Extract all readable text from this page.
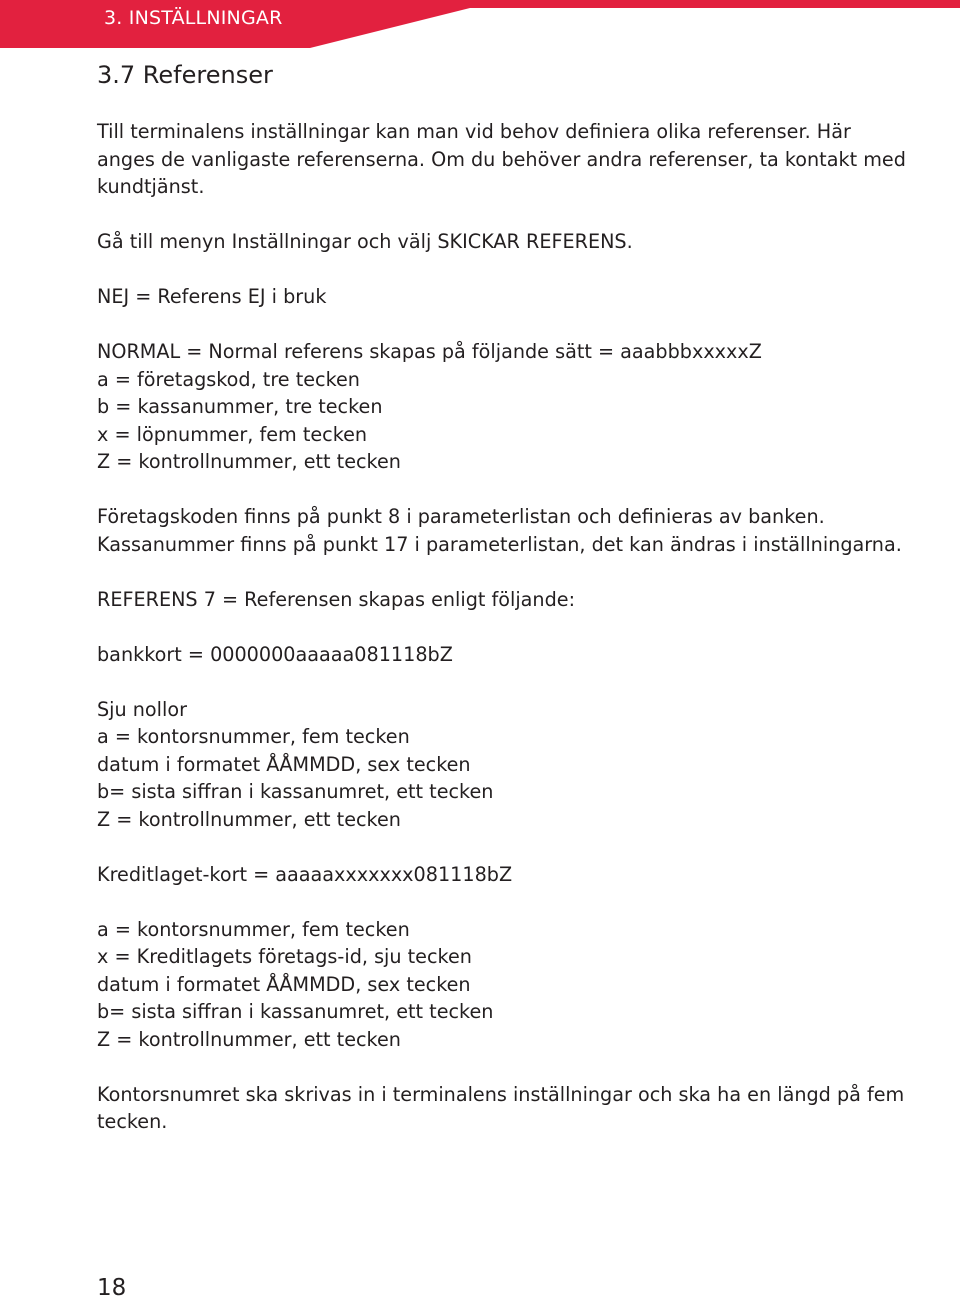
3. INSTÄLLNINGAR
3.7 Referenser

Till terminalens inställningar kan man vid behov definiera olika referenser. Här
anges de vanligaste referenserna. Om du behöver andra referenser, ta kontakt med
kundtjänst.

Gå till menyn Inställningar och välj SKICKAR REFERENS.

NEJ = Referens EJ i bruk

NORMAL = Normal referens skapas på följande sätt = aaabbbxxxxxZ
a = företagskod, tre tecken
b = kassanummer, tre tecken
x = löpnummer, fem tecken
Z = kontrollnummer, ett tecken

Företagskoden finns på punkt 8 i parameterlistan och definieras av banken.
Kassanummer finns på punkt 17 i parameterlistan, det kan ändras i inställningarna.

REFERENS 7 = Referensen skapas enligt följande:

bankkort = 0000000aaaaa081118bZ

Sju nollor
a = kontorsnummer, fem tecken
datum i formatet ÅÅMMDD, sex tecken
b= sista siffran i kassanumret, ett tecken
Z = kontrollnummer, ett tecken

Kreditlaget-kort = aaaaaxxxxxxx081118bZ

a = kontorsnummer, fem tecken
x = Kreditlagets företags-id, sju tecken
datum i formatet ÅÅMMDD, sex tecken
b= sista siffran i kassanumret, ett tecken
Z = kontrollnummer, ett tecken

Kontorsnumret ska skrivas in i terminalens inställningar och ska ha en längd på fem
tecken.

18
